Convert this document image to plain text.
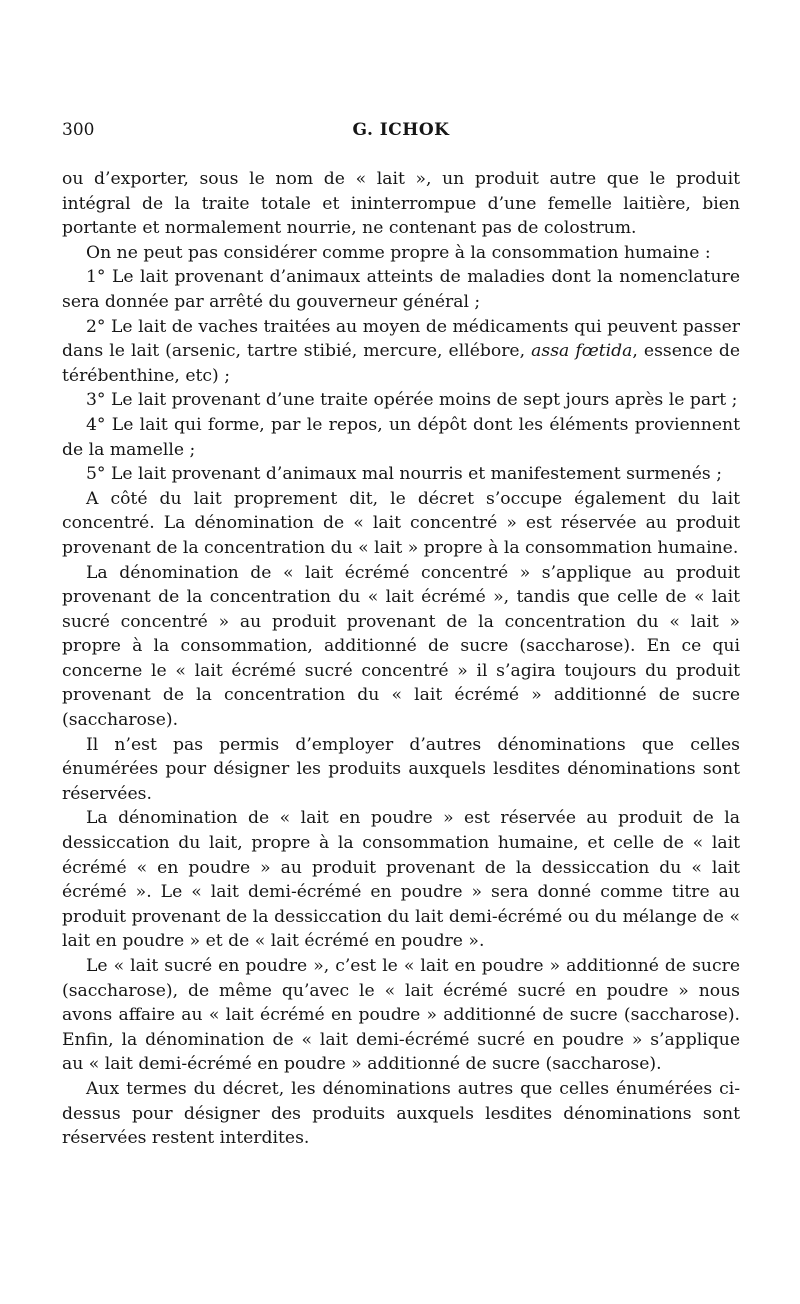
300	G. ICHOK

ou d’exporter, sous le nom de « lait », un produit autre que le produit intégral de la traite totale et ininterrompue d’une femelle laitière, bien portante et normalement nourrie, ne contenant pas de colostrum.

On ne peut pas considérer comme propre à la consommation humaine :

1° Le lait provenant d’animaux atteints de maladies dont la nomenclature sera donnée par arrêté du gouverneur général ;

2° Le lait de vaches traitées au moyen de médicaments qui peuvent passer dans le lait (arsenic, tartre stibié, mercure, ellébore, assa fœtida, essence de térébenthine, etc) ;

3° Le lait provenant d’une traite opérée moins de sept jours après le part ;

4° Le lait qui forme, par le repos, un dépôt dont les éléments proviennent de la mamelle ;

5° Le lait provenant d’animaux mal nourris et manifestement surmenés ;

A côté du lait proprement dit, le décret s’occupe également du lait concentré. La dénomination de « lait concentré » est réservée au produit provenant de la concentration du « lait » propre à la consommation humaine.

La dénomination de « lait écrémé concentré » s’applique au produit provenant de la concentration du « lait écrémé », tandis que celle de « lait sucré concentré » au produit provenant de la concentration du « lait » propre à la consommation, additionné de sucre (saccharose). En ce qui concerne le « lait écrémé sucré concentré » il s’agira toujours du produit provenant de la concentration du « lait écrémé » additionné de sucre (saccharose).

Il n’est pas permis d’employer d’autres dénominations que celles énumérées pour désigner les produits auxquels lesdites dénominations sont réservées.

La dénomination de « lait en poudre » est réservée au produit de la dessiccation du lait, propre à la consommation humaine, et celle de « lait écrémé « en poudre » au produit provenant de la dessiccation du « lait écrémé ». Le « lait demi-écrémé en poudre » sera donné comme titre au produit provenant de la dessiccation du lait demi-écrémé ou du mélange de « lait en poudre » et de « lait écrémé en poudre ».

Le « lait sucré en poudre », c’est le « lait en poudre » additionné de sucre (saccharose), de même qu’avec le « lait écrémé sucré en poudre » nous avons affaire au « lait écrémé en poudre » additionné de sucre (saccharose). Enfin, la dénomination de « lait demi-écrémé sucré en poudre » s’applique au « lait demi-écrémé en poudre » additionné de sucre (saccharose).

Aux termes du décret, les dénominations autres que celles énumérées ci-dessus pour désigner des produits auxquels lesdites dénominations sont réservées restent interdites.
